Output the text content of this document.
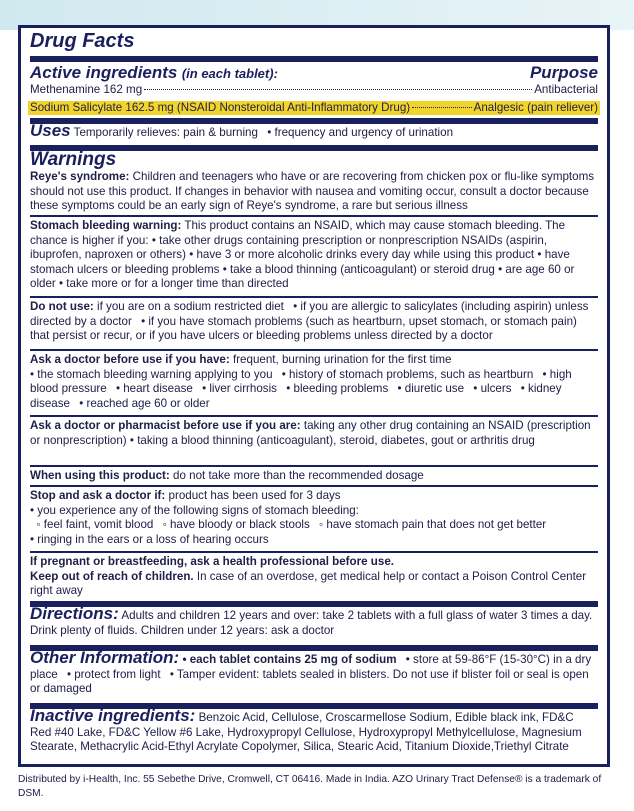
Drug Facts
Active ingredients (in each tablet):	Purpose
Methenamine 162 mg	Antibacterial
Sodium Salicylate 162.5 mg (NSAID Nonsteroidal Anti-Inflammatory Drug)	Analgesic (pain reliever)
Uses Temporarily relieves: pain & burning • frequency and urgency of urination
Warnings
Reye's syndrome: Children and teenagers who have or are recovering from chicken pox or flu-like symptoms should not use this product. If changes in behavior with nausea and vomiting occur, consult a doctor because these symptoms could be an early sign of Reye's syndrome, a rare but serious illness
Stomach bleeding warning: This product contains an NSAID, which may cause stomach bleeding. The chance is higher if you: • take other drugs containing prescription or nonprescription NSAIDs (aspirin, ibuprofen, naproxen or others) • have 3 or more alcoholic drinks every day while using this product • have stomach ulcers or bleeding problems • take a blood thinning (anticoagulant) or steroid drug • are age 60 or older • take more or for a longer time than directed
Do not use: if you are on a sodium restricted diet • if you are allergic to salicylates (including aspirin) unless directed by a doctor • if you have stomach problems (such as heartburn, upset stomach, or stomach pain) that persist or recur, or if you have ulcers or bleeding problems unless directed by a doctor
Ask a doctor before use if you have: frequent, burning urination for the first time
• the stomach bleeding warning applying to you • history of stomach problems, such as heartburn • high blood pressure • heart disease • liver cirrhosis • bleeding problems • diuretic use • ulcers • kidney disease • reached age 60 or older
Ask a doctor or pharmacist before use if you are: taking any other drug containing an NSAID (prescription or nonprescription) • taking a blood thinning (anticoagulant), steroid, diabetes, gout or arthritis drug
When using this product: do not take more than the recommended dosage
Stop and ask a doctor if: product has been used for 3 days
• you experience any of the following signs of stomach bleeding:
◦ feel faint, vomit blood ◦ have bloody or black stools ◦ have stomach pain that does not get better
• ringing in the ears or a loss of hearing occurs
If pregnant or breastfeeding, ask a health professional before use.
Keep out of reach of children. In case of an overdose, get medical help or contact a Poison Control Center right away
Directions: Adults and children 12 years and over: take 2 tablets with a full glass of water 3 times a day. Drink plenty of fluids. Children under 12 years: ask a doctor
Other Information: • each tablet contains 25 mg of sodium • store at 59-86°F (15-30°C) in a dry place • protect from light • Tamper evident: tablets sealed in blisters. Do not use if blister foil or seal is open or damaged
Inactive ingredients: Benzoic Acid, Cellulose, Croscarmellose Sodium, Edible black ink, FD&C Red #40 Lake, FD&C Yellow #6 Lake, Hydroxypropyl Cellulose, Hydroxypropyl Methylcellulose, Magnesium Stearate, Methacrylic Acid-Ethyl Acrylate Copolymer, Silica, Stearic Acid, Titanium Dioxide,Triethyl Citrate
Distributed by i-Health, Inc. 55 Sebethe Drive, Cromwell, CT 06416. Made in India. AZO Urinary Tract Defense® is a trademark of DSM.
